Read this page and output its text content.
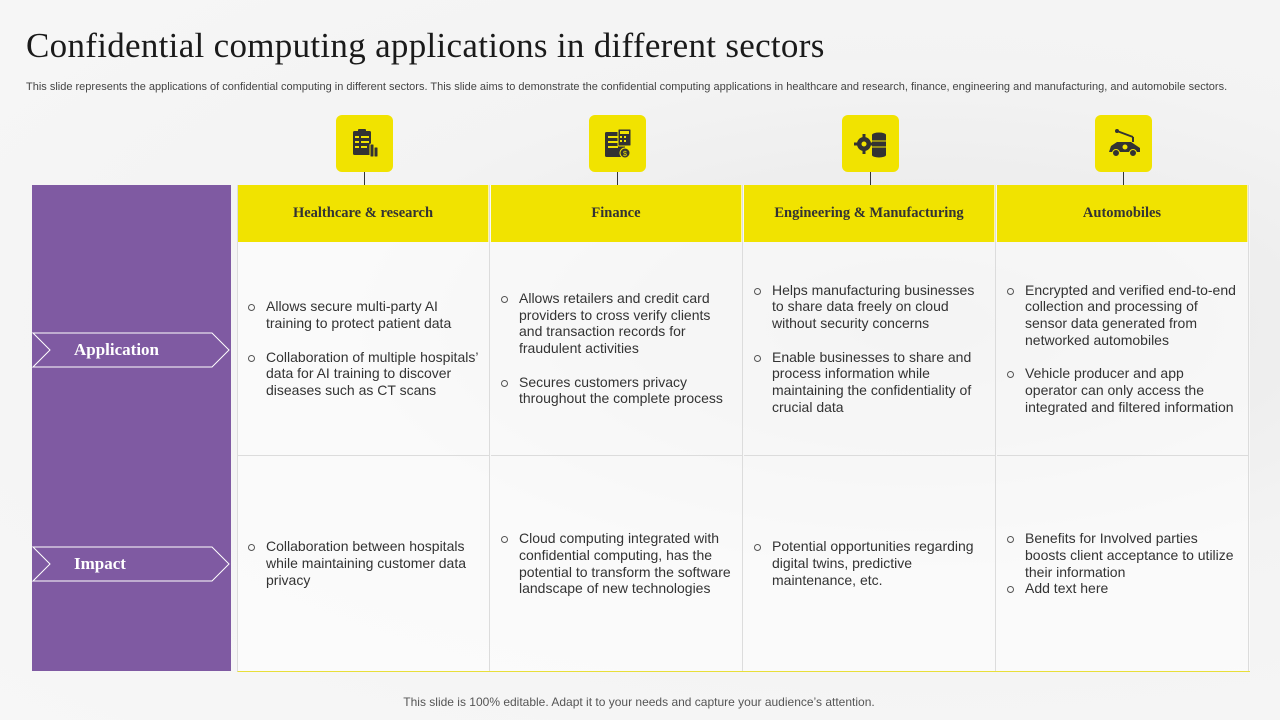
Confidential computing applications in different sectors
This slide represents the applications of confidential computing in different sectors. This slide aims to demonstrate the confidential computing applications in healthcare and research, finance, engineering and manufacturing, and automobile sectors.
$
Application
Impact
Healthcare & research
Allows secure multi-party AI training to protect patient data
Collaboration of multiple hospitals’ data for AI training to discover diseases such as CT scans
Collaboration between hospitals while maintaining customer data privacy
Finance
Allows retailers and credit card providers to cross verify clients and transaction records for fraudulent activities
Secures customers privacy throughout the complete process
Cloud computing integrated with confidential computing, has the potential to transform the software landscape of new technologies
Engineering & Manufacturing
Helps manufacturing businesses to share data freely on cloud without security concerns
Enable businesses to share and process information while maintaining the confidentiality of crucial data
Potential opportunities regarding digital twins, predictive maintenance, etc.
Automobiles
Encrypted and verified end-to-end collection and processing of sensor data generated from networked automobiles
Vehicle producer and app operator can only access the integrated and filtered information
Benefits for Involved parties boosts client acceptance to utilize their information
Add text here
This slide is 100% editable. Adapt it to your needs and capture your audience’s attention.
